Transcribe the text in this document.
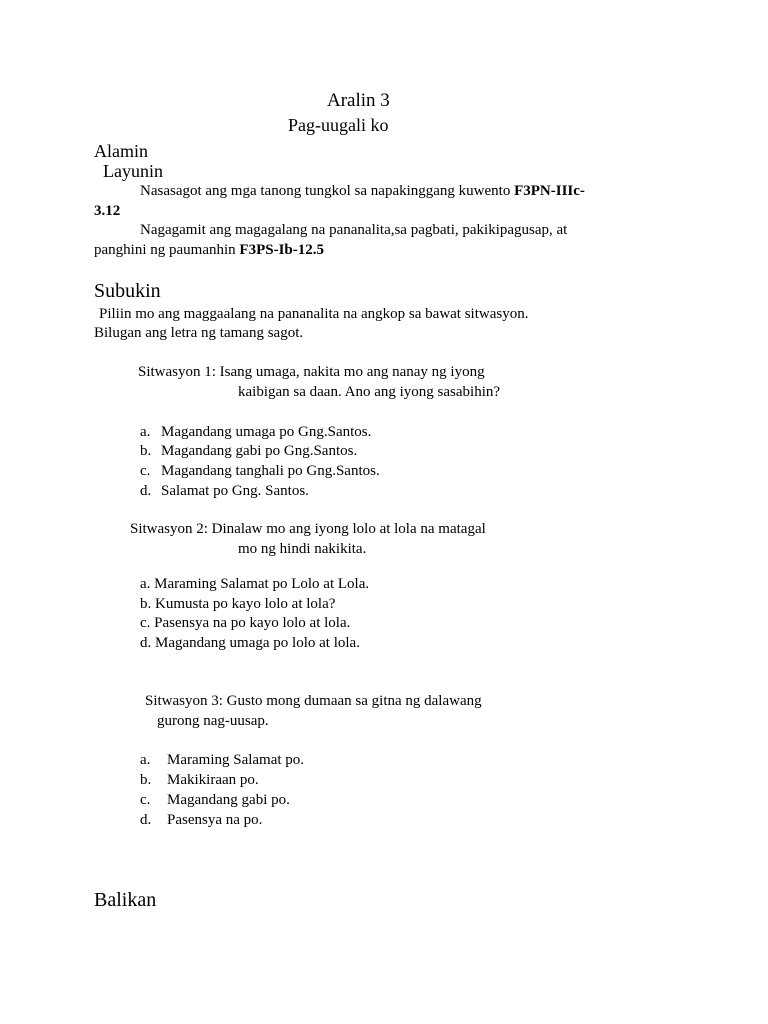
Aralin 3
Pag-uugali ko
Alamin
Layunin
Nasasagot ang mga tanong tungkol sa napakinggang kuwento F3PN-IIIc-
3.12
Nagagamit ang magagalang na pananalita,sa pagbati, pakikipagusap, at
panghini ng paumanhin F3PS-Ib-12.5
Subukin
Piliin mo ang maggaalang na pananalita na angkop sa bawat sitwasyon.
Bilugan ang letra ng tamang sagot.
Sitwasyon 1: Isang umaga, nakita mo ang nanay ng iyong
kaibigan sa daan. Ano ang iyong sasabihin?
a. Magandang umaga po Gng.Santos.
b. Magandang gabi po Gng.Santos.
c. Magandang tanghali po Gng.Santos.
d. Salamat po Gng. Santos.
Sitwasyon 2: Dinalaw mo ang iyong lolo at lola na matagal
mo ng hindi nakikita.
a. Maraming Salamat po Lolo at Lola.
b. Kumusta po kayo lolo at lola?
c. Pasensya na po kayo lolo at lola.
d. Magandang umaga po lolo at lola.
Sitwasyon 3: Gusto mong dumaan sa gitna ng dalawang
gurong nag-uusap.
a. Maraming Salamat po.
b. Makikiraan po.
c. Magandang gabi po.
d. Pasensya na po.
Balikan
